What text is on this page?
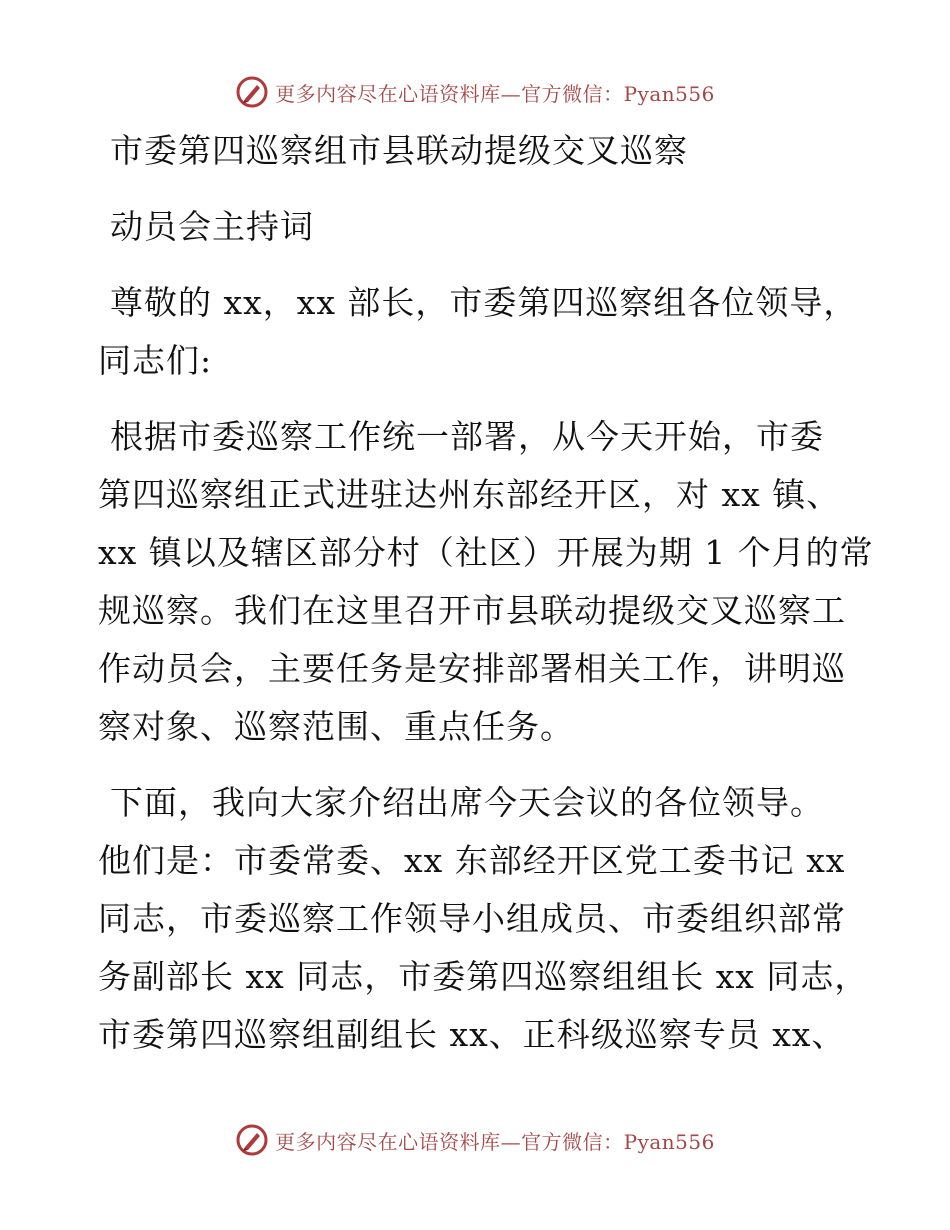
更多内容尽在心语资料库—官方微信：Pyan556
市委第四巡察组市县联动提级交叉巡察
动员会主持词
尊敬的 xx，xx 部长，市委第四巡察组各位领导，
同志们:
根据市委巡察工作统一部署，从今天开始，市委
第四巡察组正式进驻达州东部经开区，对 xx 镇、
xx 镇以及辖区部分村（社区）开展为期 1 个月的常
规巡察。我们在这里召开市县联动提级交叉巡察工
作动员会，主要任务是安排部署相关工作，讲明巡
察对象、巡察范围、重点任务。
下面，我向大家介绍出席今天会议的各位领导。
他们是：市委常委、xx 东部经开区党工委书记 xx
同志，市委巡察工作领导小组成员、市委组织部常
务副部长 xx 同志，市委第四巡察组组长 xx 同志，
市委第四巡察组副组长 xx、正科级巡察专员 xx、
更多内容尽在心语资料库—官方微信：Pyan556
